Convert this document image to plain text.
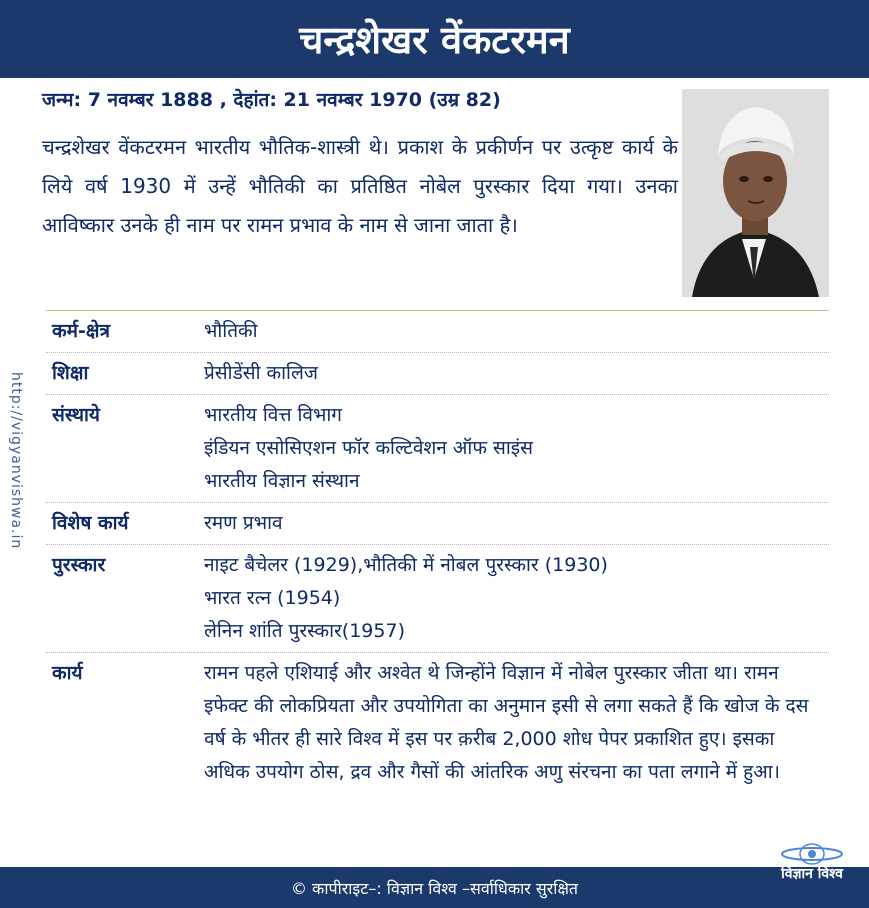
चन्द्रशेखर वेंकटरमन
जन्म: 7 नवम्बर 1888 , देहांत: 21 नवम्बर 1970 (उम्र 82)
चन्द्रशेखर वेंकटरमन भारतीय भौतिक-शास्त्री थे। प्रकाश के प्रकीर्णन पर उत्कृष्ट कार्य के लिये वर्ष 1930 में उन्हें भौतिकी का प्रतिष्ठित नोबेल पुरस्कार दिया गया। उनका आविष्कार उनके ही नाम पर रामन प्रभाव के नाम से जाना जाता है।
http://vigyanvishwa.in
कर्म-क्षेत्र	भौतिकी

शिक्षा	प्रेसीडेंसी कालिज

संस्थाये	भारतीय वित्त विभाग
इंडियन एसोसिएशन फॉर कल्टिवेशन ऑफ साइंस
भारतीय विज्ञान संस्थान

विशेष कार्य	रमण प्रभाव

पुरस्कार	नाइट बैचेलर (1929),भौतिकी में नोबल पुरस्कार (1930)
भारत रत्न (1954)
लेनिन शांति पुरस्कार(1957)

कार्य	रामन पहले एशियाई और अश्वेत थे जिन्होंने विज्ञान में नोबेल पुरस्कार जीता था। रामन इफेक्ट की लोकप्रियता और उपयोगिता का अनुमान इसी से लगा सकते हैं कि खोज के दस वर्ष के भीतर ही सारे विश्व में इस पर क़रीब 2,000 शोध पेपर प्रकाशित हुए। इसका अधिक उपयोग ठोस, द्रव और गैसों की आंतरिक अणु संरचना का पता लगाने में हुआ।
© कापीराइट–: विज्ञान विश्व –सर्वाधिकार सुरक्षित
विज्ञान विश्व
